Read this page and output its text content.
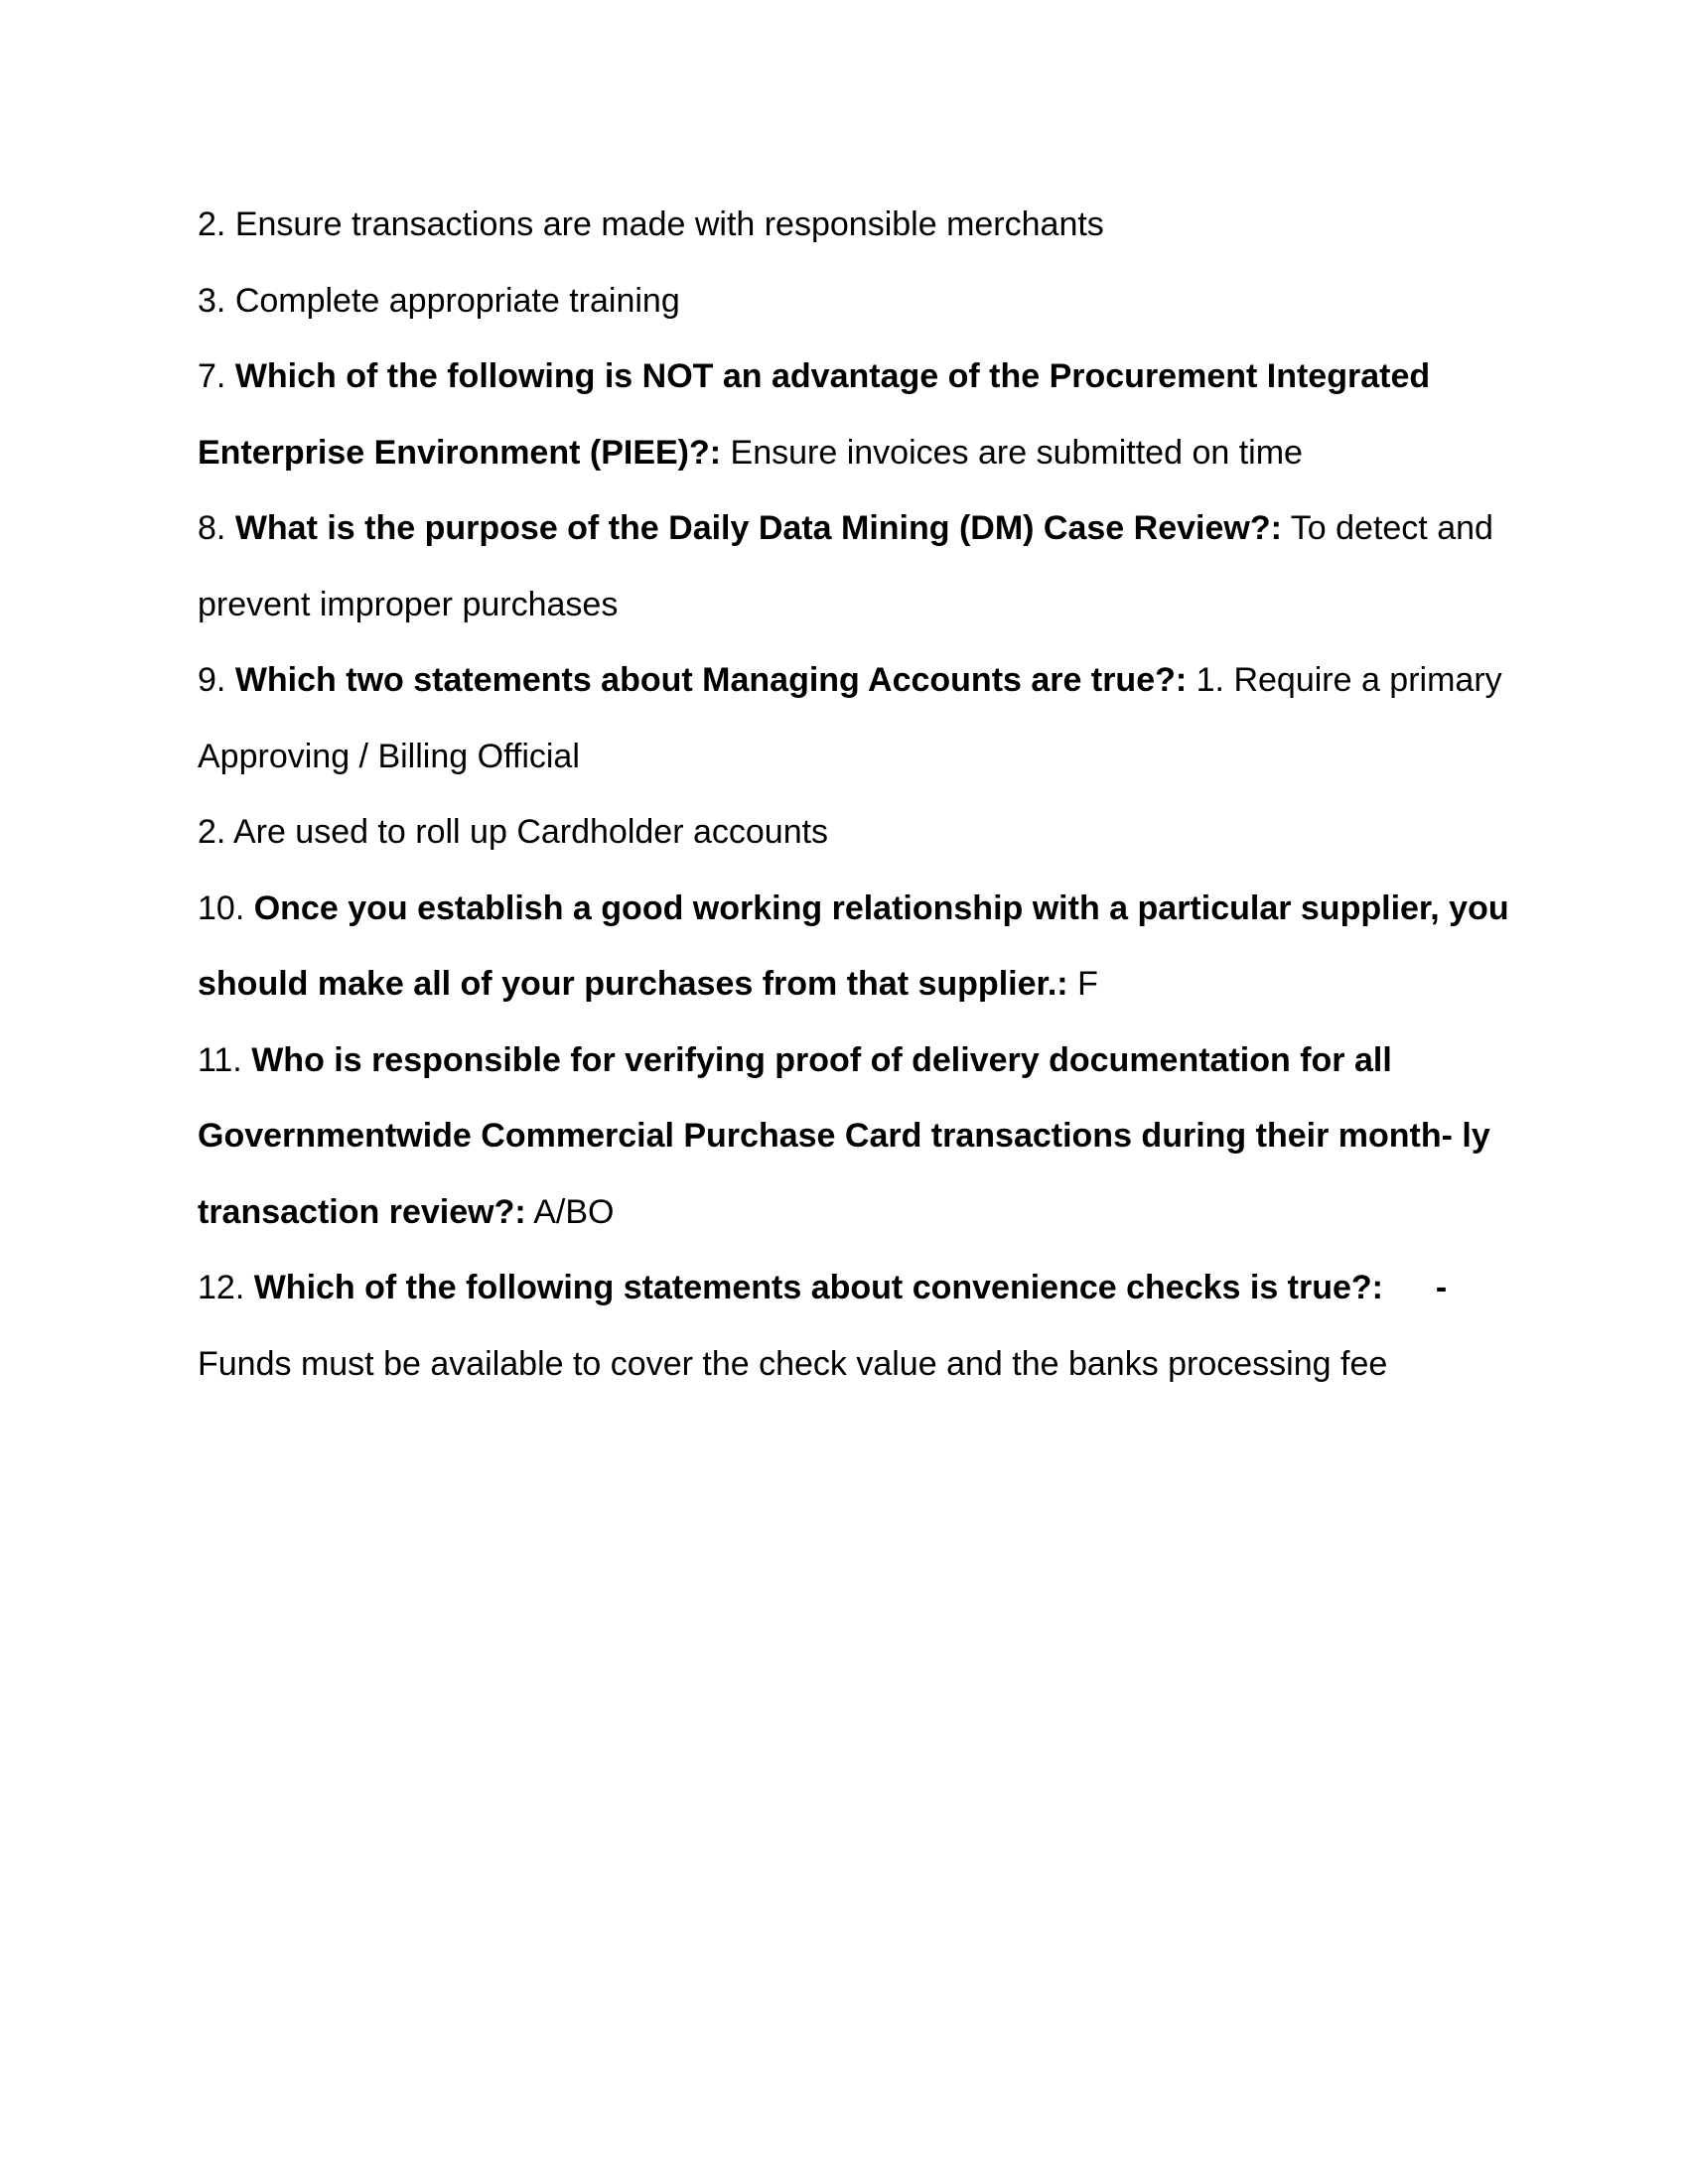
2. Ensure transactions are made with responsible merchants
3. Complete appropriate training
7. Which of the following is NOT an advantage of the Procurement Integrated
Enterprise Environment (PIEE)?: Ensure invoices are submitted on time
8. What is the purpose of the Daily Data Mining (DM) Case Review?: To detect and
prevent improper purchases
9. Which two statements about Managing Accounts are true?: 1. Require a primary
Approving / Billing Official
2. Are used to roll up Cardholder accounts
10. Once you establish a good working relationship with a particular supplier, you
should make all of your purchases from that supplier.: F
11. Who is responsible for verifying proof of delivery documentation for all
Governmentwide Commercial Purchase Card transactions during their month- ly
transaction review?: A/BO
12. Which of the following statements about convenience checks is true?: -
Funds must be available to cover the check value and the banks processing fee
